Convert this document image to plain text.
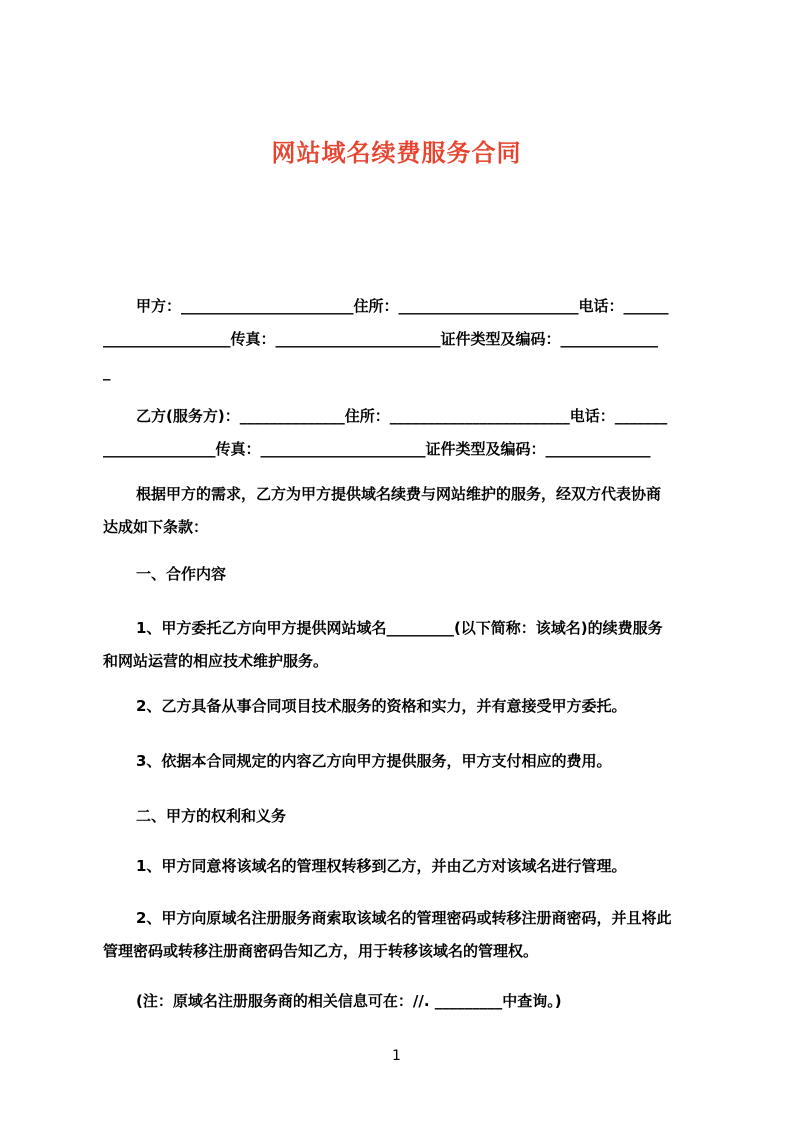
网站域名续费服务合同
甲方：_______________________住所：________________________电话：______
_________________传真：______________________证件类型及编码：_____________
_
乙方(服务方)：______________住所：________________________电话：_______
_______________传真：______________________证件类型及编码：______________
根据甲方的需求，乙方为甲方提供域名续费与网站维护的服务，经双方代表协商
达成如下条款：
一、合作内容
1、甲方委托乙方向甲方提供网站域名_________(以下简称：该域名)的续费服务
和网站运营的相应技术维护服务。
2、乙方具备从事合同项目技术服务的资格和实力，并有意接受甲方委托。
3、依据本合同规定的内容乙方向甲方提供服务，甲方支付相应的费用。
二、甲方的权利和义务
1、甲方同意将该域名的管理权转移到乙方，并由乙方对该域名进行管理。
2、甲方向原域名注册服务商索取该域名的管理密码或转移注册商密码，并且将此
管理密码或转移注册商密码告知乙方，用于转移该域名的管理权。
(注：原域名注册服务商的相关信息可在：//. _________中查询。)
1
